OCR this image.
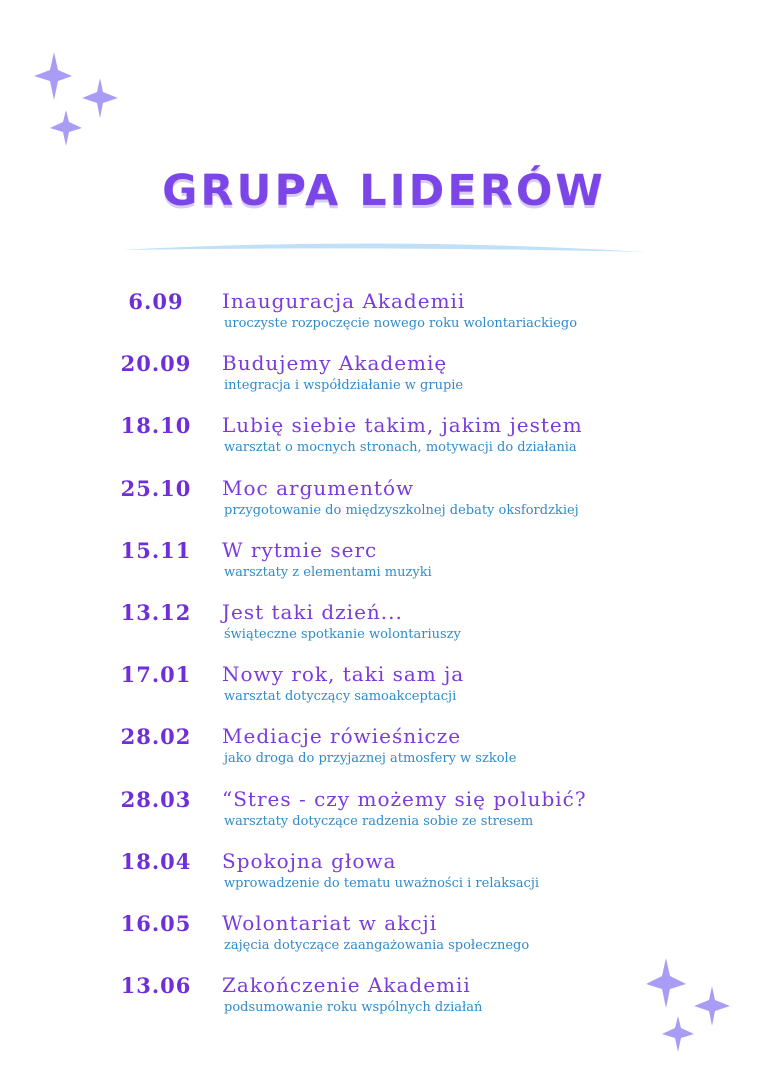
GRUPA LIDERÓW
6.09	Inauguracja Akademii
uroczyste rozpoczęcie nowego roku wolontariackiego
20.09	Budujemy Akademię
integracja i współdziałanie w grupie
18.10	Lubię siebie takim, jakim jestem
warsztat o mocnych stronach, motywacji do działania
25.10	Moc argumentów
przygotowanie do międzyszkolnej debaty oksfordzkiej
15.11	W rytmie serc
warsztaty z elementami muzyki
13.12	Jest taki dzień...
świąteczne spotkanie wolontariuszy
17.01	Nowy rok, taki sam ja
warsztat dotyczący samoakceptacji
28.02	Mediacje rówieśnicze
jako droga do przyjaznej atmosfery w szkole
28.03	“Stres - czy możemy się polubić?
warsztaty dotyczące radzenia sobie ze stresem
18.04	Spokojna głowa
wprowadzenie do tematu uważności i relaksacji
16.05	Wolontariat w akcji
zajęcia dotyczące zaangażowania społecznego
13.06	Zakończenie Akademii
podsumowanie roku wspólnych działań
